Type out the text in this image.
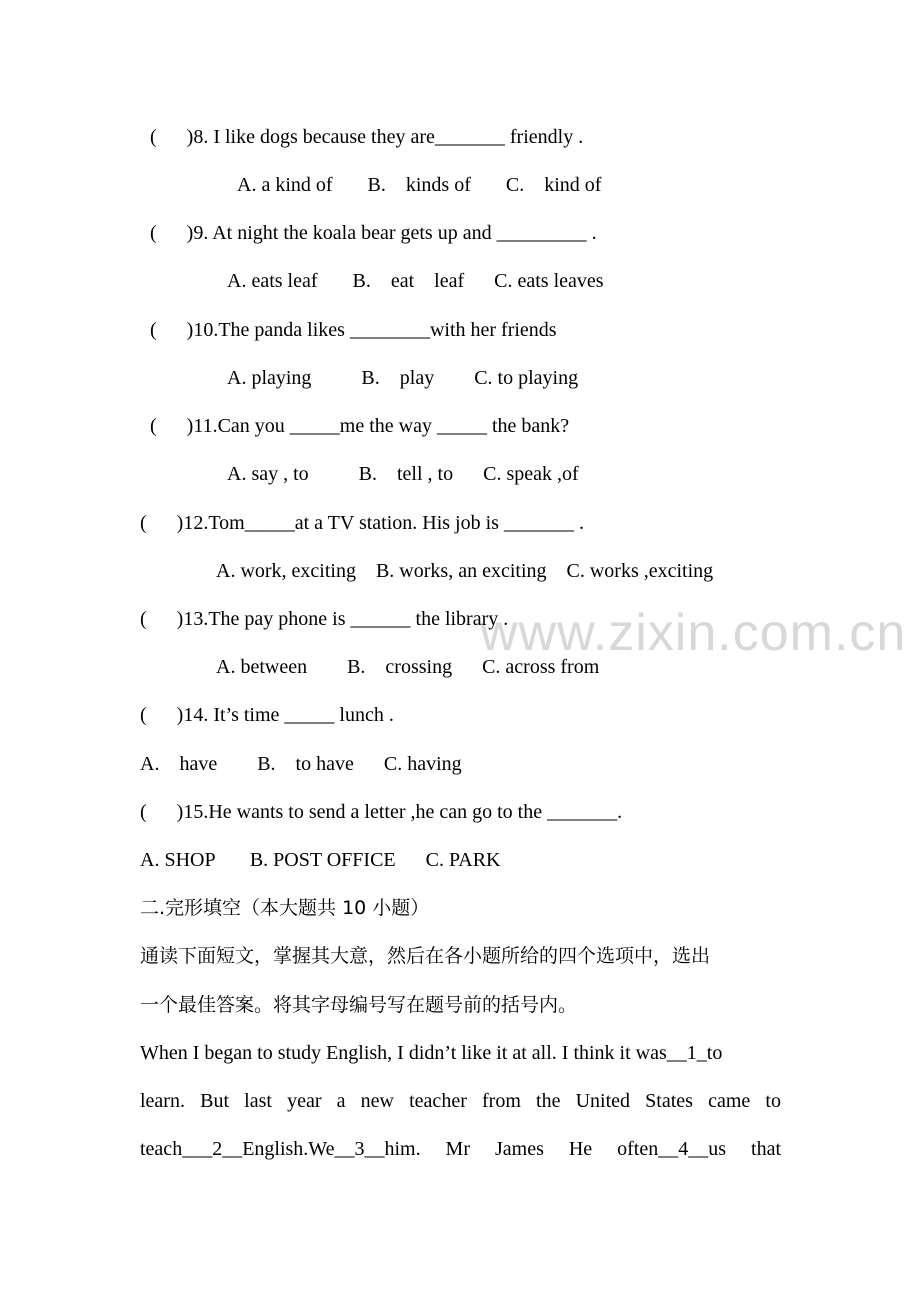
www.zixin.com.cn
(      )8. I like dogs because they are_______ friendly .
A. a kind of       B.    kinds of       C.    kind of
(      )9. At night the koala bear gets up and _________ .
A. eats leaf       B.    eat    leaf      C. eats leaves
(      )10.The panda likes ________with her friends
A. playing          B.    play        C. to playing
(      )11.Can you _____me the way _____ the bank?
A. say , to          B.    tell , to      C. speak ,of
(      )12.Tom_____at a TV station. His job is _______ .
A. work, exciting    B. works, an exciting    C. works ,exciting
(      )13.The pay phone is ______ the library .
A. between        B.    crossing      C. across from
(      )14. It’s time _____ lunch .
A.    have        B.    to have      C. having
(      )15.He wants to send a letter ,he can go to the _______.
A. SHOP       B. POST OFFICE      C. PARK
二.完形填空（本大题共 10 小题）
通读下面短文，掌握其大意，然后在各小题所给的四个选项中，选出
一个最佳答案。将其字母编号写在题号前的括号内。
When I began to study English, I didn’t like it at all. I think it was__1_to
learn. But last year a new teacher from the United States came to
teach___2__English.We__3__him. Mr James He often__4__us that
